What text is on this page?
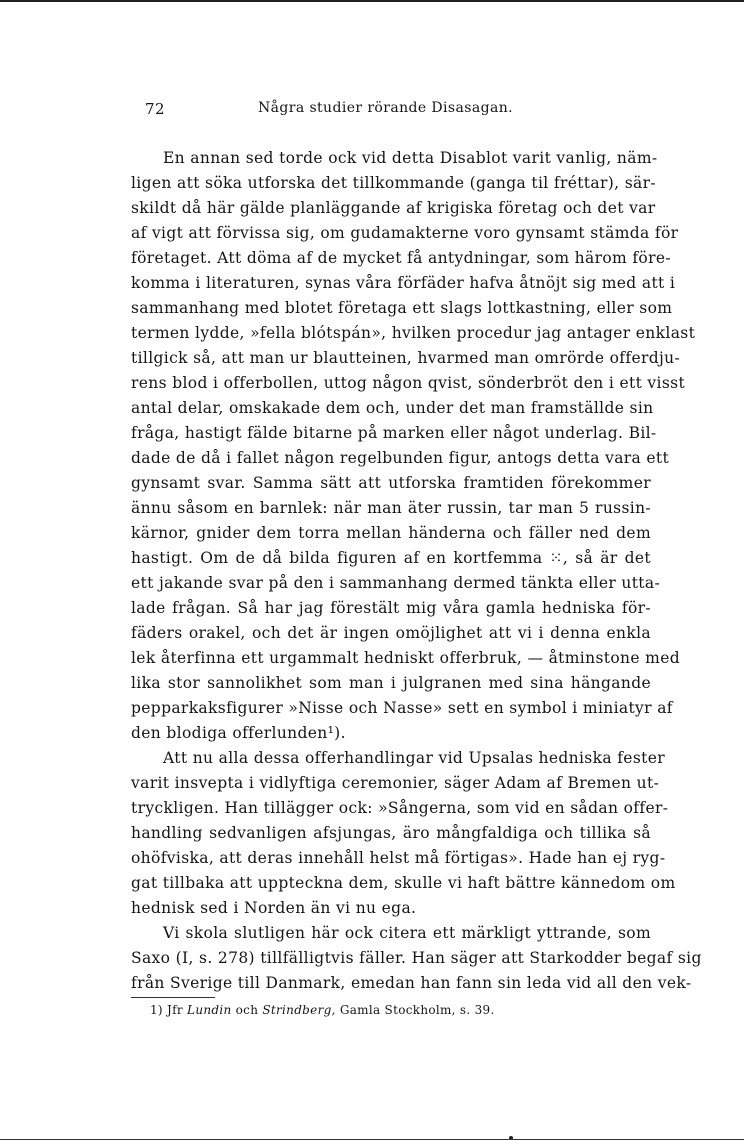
72	Några studier rörande Disasagan.
En annan sed torde ock vid detta Disablot varit vanlig, näm-
ligen att söka utforska det tillkommande (ganga til fréttar), sär-
skildt då här gälde planläggande af krigiska företag och det var
af vigt att förvissa sig, om gudamakterne voro gynsamt stämda för
företaget. Att döma af de mycket få antydningar, som härom före-
komma i literaturen, synas våra förfäder hafva åtnöjt sig med att i
sammanhang med blotet företaga ett slags lottkastning, eller som
termen lydde, »fella blótspán», hvilken procedur jag antager enklast
tillgick så, att man ur blautteinen, hvarmed man omrörde offerdju-
rens blod i offerbollen, uttog någon qvist, sönderbröt den i ett visst
antal delar, omskakade dem och, under det man framställde sin
fråga, hastigt fälde bitarne på marken eller något underlag. Bil-
dade de då i fallet någon regelbunden figur, antogs detta vara ett
gynsamt svar. Samma sätt att utforska framtiden förekommer
ännu såsom en barnlek: när man äter russin, tar man 5 russin-
kärnor, gnider dem torra mellan händerna och fäller ned dem
hastigt. Om de då bilda figuren af en kortfemma ⁙, så är det
ett jakande svar på den i sammanhang dermed tänkta eller utta-
lade frågan. Så har jag förestält mig våra gamla hedniska för-
fäders orakel, och det är ingen omöjlighet att vi i denna enkla
lek återfinna ett urgammalt hedniskt offerbruk, — åtminstone med
lika stor sannolikhet som man i julgranen med sina hängande
pepparkaksfigurer »Nisse och Nasse» sett en symbol i miniatyr af
den blodiga offerlunden¹).
Att nu alla dessa offerhandlingar vid Upsalas hedniska fester
varit insvepta i vidlyftiga ceremonier, säger Adam af Bremen ut-
tryckligen. Han tillägger ock: »Sångerna, som vid en sådan offer-
handling sedvanligen afsjungas, äro mångfaldiga och tillika så
ohöfviska, att deras innehåll helst må förtigas». Hade han ej ryg-
gat tillbaka att uppteckna dem, skulle vi haft bättre kännedom om
hednisk sed i Norden än vi nu ega.
Vi skola slutligen här ock citera ett märkligt yttrande, som
Saxo (I, s. 278) tillfälligtvis fäller. Han säger att Starkodder begaf sig
från Sverige till Danmark, emedan han fann sin leda vid all den vek-
1) Jfr Lundin och Strindberg, Gamla Stockholm, s. 39.
